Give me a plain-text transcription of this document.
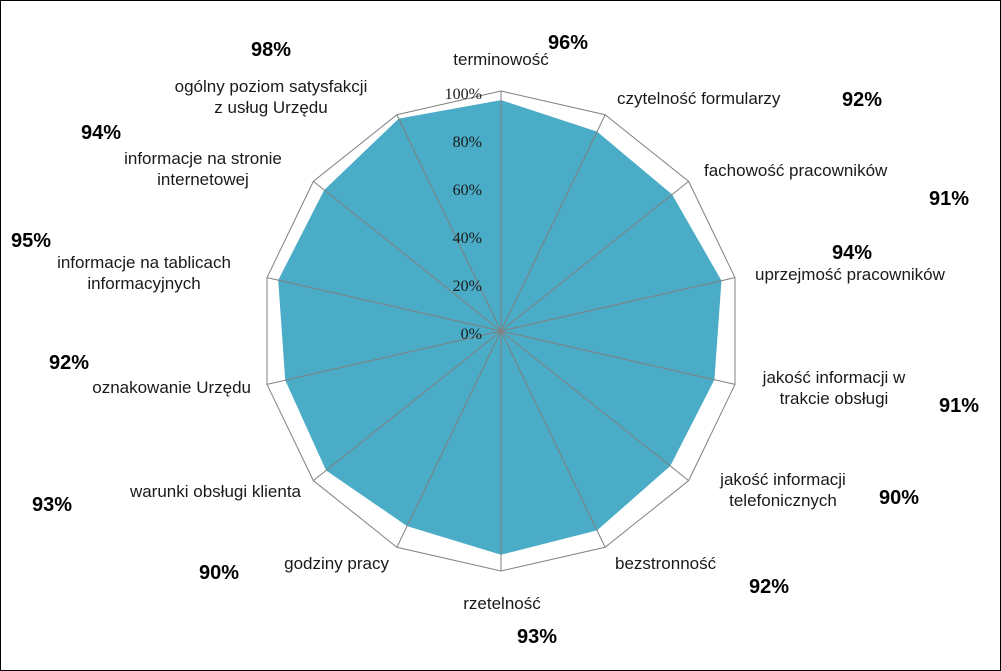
0%
20%
40%
60%
80%
100%
terminowość
czytelność formularzy
fachowość pracowników
uprzejmość pracowników
jakość informacji w trakcie obsługi
jakość informacji telefonicznych
bezstronność
rzetelność
godziny pracy
warunki obsługi klienta
oznakowanie Urzędu
informacje na tablicach informacyjnych
informacje na stronie internetowej
ogólny poziom satysfakcji z usług Urzędu
96%
92%
91%
94%
91%
90%
92%
93%
90%
93%
92%
95%
94%
98%
